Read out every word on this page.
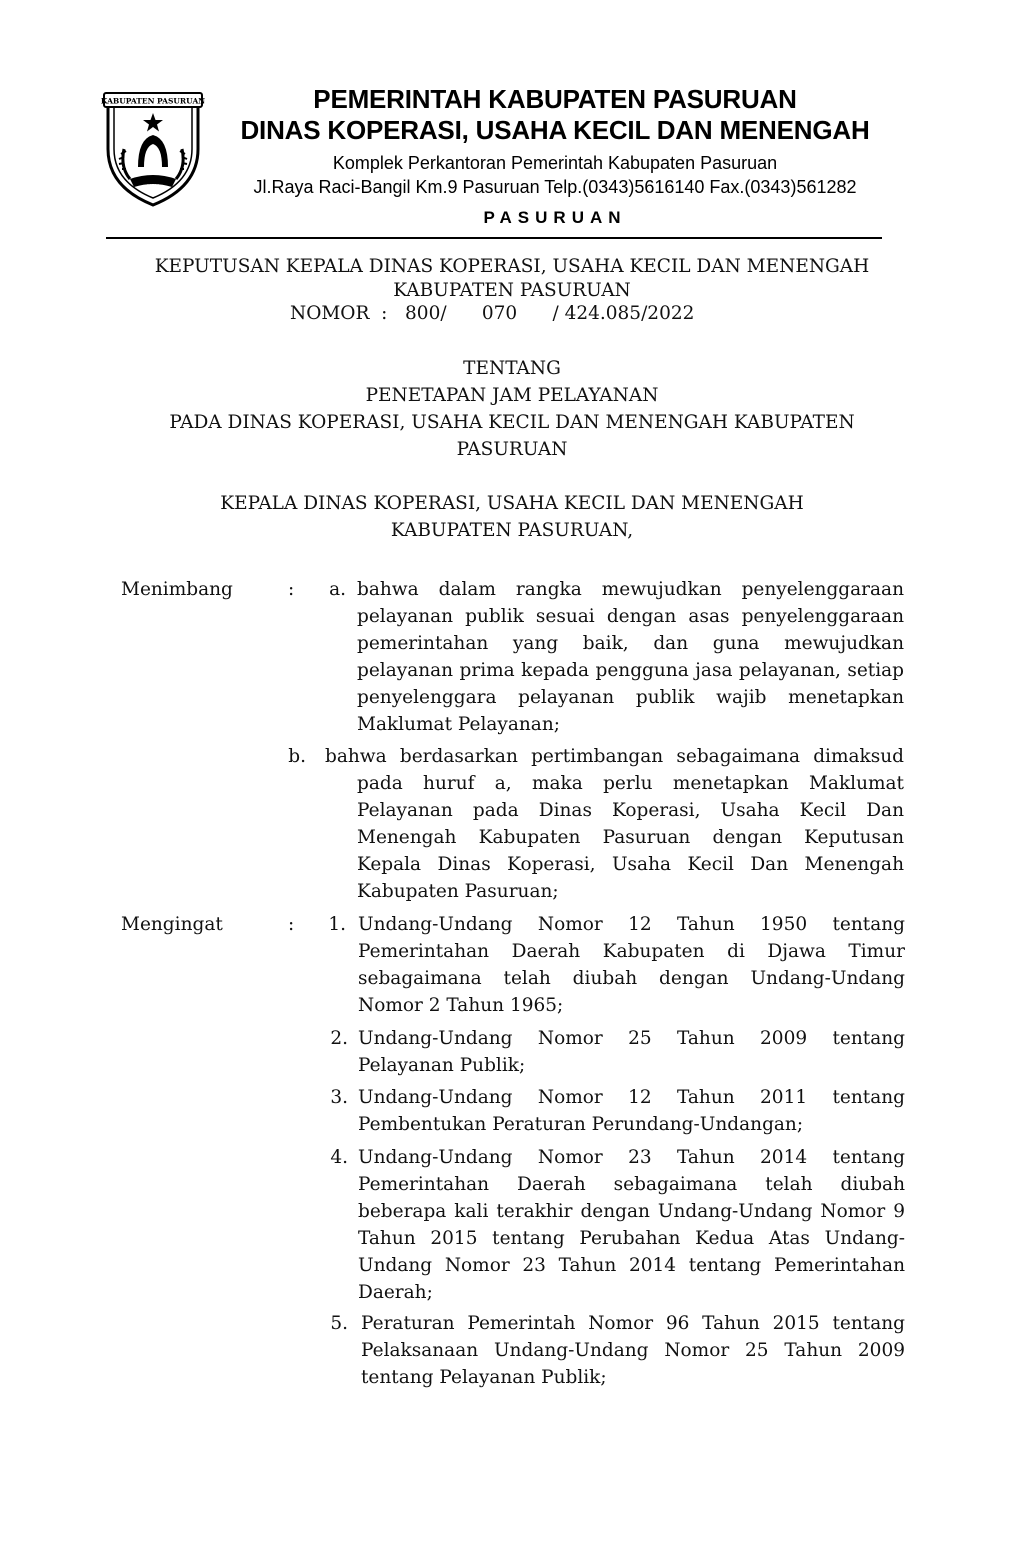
KABUPATEN PASURUAN
· · · · ·
PEMERINTAH KABUPATEN PASURUAN
DINAS KOPERASI, USAHA KECIL DAN MENENGAH
Komplek Perkantoran Pemerintah Kabupaten Pasuruan
Jl.Raya Raci-Bangil Km.9 Pasuruan Telp.(0343)5616140 Fax.(0343)561282
PASURUAN
KEPUTUSAN KEPALA DINAS KOPERASI, USAHA KECIL DAN MENENGAH
KABUPATEN PASURUAN
NOMOR  :   800/      070      / 424.085/2022
TENTANG
PENETAPAN JAM PELAYANAN
PADA DINAS KOPERASI, USAHA KECIL DAN MENENGAH KABUPATEN
PASURUAN
KEPALA DINAS KOPERASI, USAHA KECIL DAN MENENGAH
KABUPATEN PASURUAN,
Menimbang	:	a. bahwa dalam rangka mewujudkan penyelenggaraan pelayanan publik sesuai dengan asas penyelenggaraan pemerintahan yang baik, dan guna mewujudkan pelayanan prima kepada pengguna jasa pelayanan, setiap penyelenggara pelayanan publik wajib menetapkan Maklumat Pelayanan;
b. bahwa berdasarkan pertimbangan sebagaimana dimaksud pada huruf a, maka perlu menetapkan Maklumat Pelayanan pada Dinas Koperasi, Usaha Kecil Dan Menengah Kabupaten Pasuruan dengan Keputusan Kepala Dinas Koperasi, Usaha Kecil Dan Menengah Kabupaten Pasuruan;
Mengingat	:	1. Undang-Undang Nomor 12 Tahun 1950 tentang Pemerintahan Daerah Kabupaten di Djawa Timur sebagaimana telah diubah dengan Undang-Undang Nomor 2 Tahun 1965;
2. Undang-Undang Nomor 25 Tahun 2009 tentang Pelayanan Publik;
3. Undang-Undang Nomor 12 Tahun 2011 tentang Pembentukan Peraturan Perundang-Undangan;
4. Undang-Undang Nomor 23 Tahun 2014 tentang Pemerintahan Daerah sebagaimana telah diubah beberapa kali terakhir dengan Undang-Undang Nomor 9 Tahun 2015 tentang Perubahan Kedua Atas Undang-Undang Nomor 23 Tahun 2014 tentang Pemerintahan Daerah;
5. Peraturan Pemerintah Nomor 96 Tahun 2015 tentang Pelaksanaan Undang-Undang Nomor 25 Tahun 2009 tentang Pelayanan Publik;
